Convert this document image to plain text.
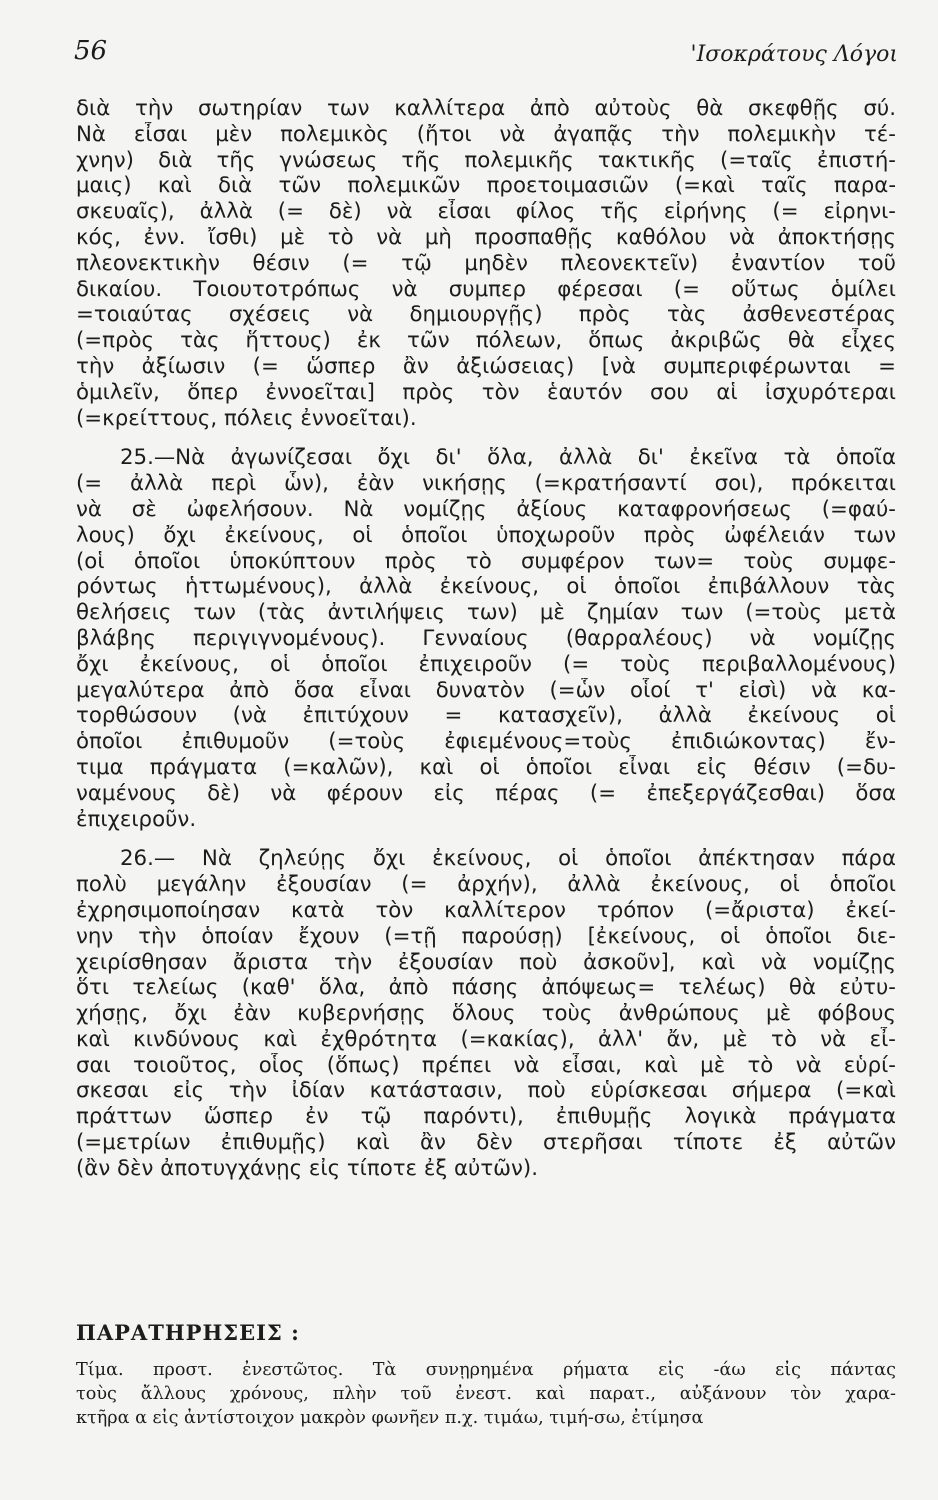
56	'Ισοκράτους Λόγοι
διὰ τὴν σωτηρίαν των καλλίτερα ἀπὸ αὐτοὺς θὰ σκεφθῇς σύ.
Νὰ εἶσαι μὲν πολεμικὸς (ἤτοι νὰ ἀγαπᾷς τὴν πολεμικὴν τέ-
χνην) διὰ τῆς γνώσεως τῆς πολεμικῆς τακτικῆς (=ταῖς ἐπιστή-
μαις) καὶ διὰ τῶν πολεμικῶν προετοιμασιῶν (=καὶ ταῖς παρα-
σκευαῖς), ἀλλὰ (= δὲ) νὰ εἶσαι φίλος τῆς εἰρήνης (= εἰρηνι-
κός, ἐνν. ἴσθι) μὲ τὸ νὰ μὴ προσπαθῇς καθόλου νὰ ἀποκτήσῃς
πλεονεκτικὴν θέσιν (= τῷ μηδὲν πλεονεκτεῖν) ἐναντίον τοῦ
δικαίου. Τοιουτοτρόπως νὰ συμπερ φέρεσαι (= οὕτως ὁμίλει
=τοιαύτας σχέσεις νὰ δημιουργῇς) πρὸς τὰς ἀσθενεστέρας
(=πρὸς τὰς ἥττους) ἐκ τῶν πόλεων, ὅπως ἀκριβῶς θὰ εἶχες
τὴν ἀξίωσιν (= ὥσπερ ἂν ἀξιώσειας) [νὰ συμπεριφέρωνται =
ὁμιλεῖν, ὅπερ ἐννοεῖται] πρὸς τὸν ἑαυτόν σου αἱ ἰσχυρότεραι
(=κρείττους, πόλεις ἐννοεῖται).
25.—Νὰ ἀγωνίζεσαι ὄχι δι' ὅλα, ἀλλὰ δι' ἐκεῖνα τὰ ὁποῖα
(= ἀλλὰ περὶ ὧν), ἐὰν νικήσῃς (=κρατήσαντί σοι), πρόκειται
νὰ σὲ ὠφελήσουν. Νὰ νομίζῃς ἀξίους καταφρονήσεως (=φαύ-
λους) ὄχι ἐκείνους, οἱ ὁποῖοι ὑποχωροῦν πρὸς ὠφέλειάν των
(οἱ ὁποῖοι ὑποκύπτουν πρὸς τὸ συμφέρον των= τοὺς συμφε-
ρόντως ἡττωμένους), ἀλλὰ ἐκείνους, οἱ ὁποῖοι ἐπιβάλλουν τὰς
θελήσεις των (τὰς ἀντιλήψεις των) μὲ ζημίαν των (=τοὺς μετὰ
βλάβης περιγιγνομένους). Γενναίους (θαρραλέους) νὰ νομίζῃς
ὄχι ἐκείνους, οἱ ὁποῖοι ἐπιχειροῦν (= τοὺς περιβαλλομένους)
μεγαλύτερα ἀπὸ ὅσα εἶναι δυνατὸν (=ὧν οἷοί τ' εἰσὶ) νὰ κα-
τορθώσουν (νὰ ἐπιτύχουν = κατασχεῖν), ἀλλὰ ἐκείνους οἱ
ὁποῖοι ἐπιθυμοῦν (=τοὺς ἐφιεμένους=τοὺς ἐπιδιώκοντας) ἔν-
τιμα πράγματα (=καλῶν), καὶ οἱ ὁποῖοι εἶναι εἰς θέσιν (=δυ-
ναμένους δὲ) νὰ φέρουν εἰς πέρας (= ἐπεξεργάζεσθαι) ὅσα
ἐπιχειροῦν.
26.— Νὰ ζηλεύῃς ὄχι ἐκείνους, οἱ ὁποῖοι ἀπέκτησαν πάρα
πολὺ μεγάλην ἐξουσίαν (= ἀρχήν), ἀλλὰ ἐκείνους, οἱ ὁποῖοι
ἐχρησιμοποίησαν κατὰ τὸν καλλίτερον τρόπον (=ἄριστα) ἐκεί-
νην τὴν ὁποίαν ἔχουν (=τῇ παρούσῃ) [ἐκείνους, οἱ ὁποῖοι διε-
χειρίσθησαν ἄριστα τὴν ἐξουσίαν ποὺ ἀσκοῦν], καὶ νὰ νομίζῃς
ὅτι τελείως (καθ' ὅλα, ἀπὸ πάσης ἀπόψεως= τελέως) θὰ εὐτυ-
χήσῃς, ὄχι ἐὰν κυβερνήσῃς ὅλους τοὺς ἀνθρώπους μὲ φόβους
καὶ κινδύνους καὶ ἐχθρότητα (=κακίας), ἀλλ' ἄν, μὲ τὸ νὰ εἶ-
σαι τοιοῦτος, οἷος (ὅπως) πρέπει νὰ εἶσαι, καὶ μὲ τὸ νὰ εὑρί-
σκεσαι εἰς τὴν ἰδίαν κατάστασιν, ποὺ εὑρίσκεσαι σήμερα (=καὶ
πράττων ὥσπερ ἐν τῷ παρόντι), ἐπιθυμῇς λογικὰ πράγματα
(=μετρίων ἐπιθυμῇς) καὶ ἂν δὲν στερῆσαι τίποτε ἐξ αὐτῶν
(ἂν δὲν ἀποτυγχάνῃς εἰς τίποτε ἐξ αὐτῶν).
ΠΑΡΑΤΗΡΗΣΕΙΣ :
Τίμα. προστ. ἐνεστῶτος. Τὰ συνῃρημένα ρήματα εἰς -άω εἰς πάντας
τοὺς ἄλλους χρόνους, πλὴν τοῦ ἐνεστ. καὶ παρατ., αὐξάνουν τὸν χαρα-
κτῆρα α εἰς ἀντίστοιχον μακρὸν φωνῆεν π.χ. τιμάω, τιμή-σω, ἐτίμησα
